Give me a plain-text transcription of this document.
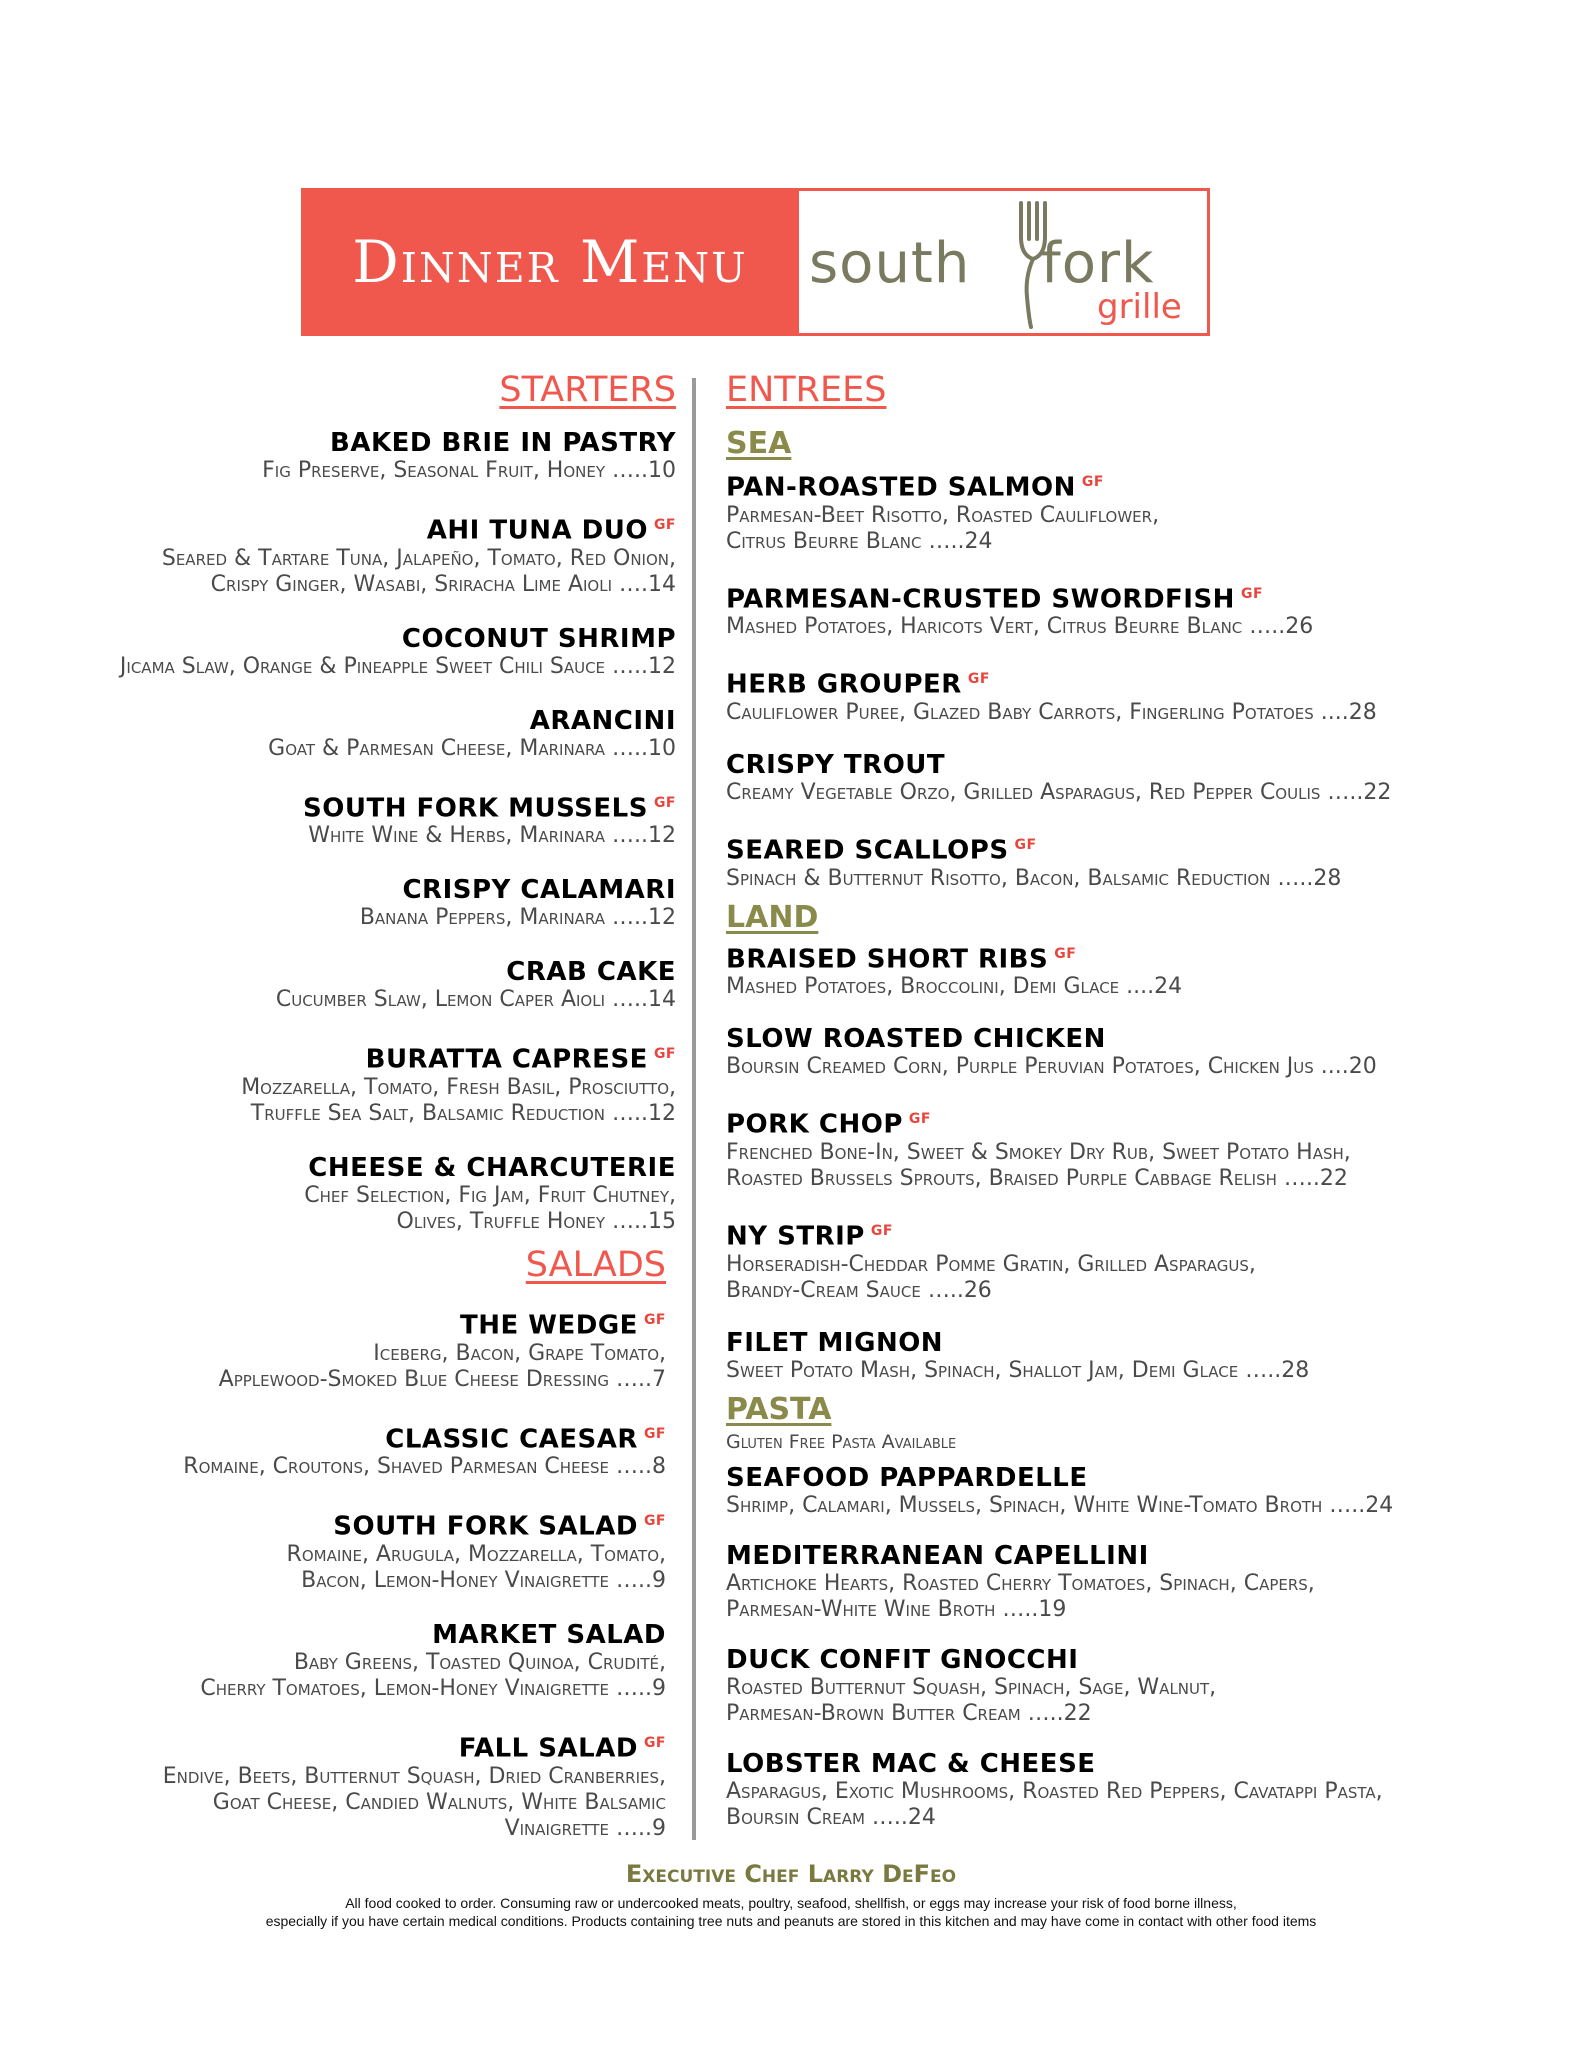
Dinner Menu south fork
grille
STARTERS
BAKED BRIE IN PASTRY
Fig Preserve, Seasonal Fruit, Honey …..10
AHI TUNA DUO $^{GF}$
Seared & Tartare Tuna, Jalapeño, Tomato, Red Onion,
Crispy Ginger, Wasabi, Sriracha Lime Aioli ….14
COCONUT SHRIMP
Jicama Slaw, Orange & Pineapple Sweet Chili Sauce …..12
ARANCINI
Goat & Parmesan Cheese, Marinara …..10
SOUTH FORK MUSSELS $^{GF}$
White Wine & Herbs, Marinara …..12
CRISPY CALAMARI
Banana Peppers, Marinara …..12
CRAB CAKE
Cucumber Slaw, Lemon Caper Aioli …..14
BURATTA CAPRESE $^{GF}$
Mozzarella, Tomato, Fresh Basil, Prosciutto,
Truffle Sea Salt, Balsamic Reduction …..12
CHEESE & CHARCUTERIE
Chef Selection, Fig Jam, Fruit Chutney,
Olives, Truffle Honey …..15
SALADS
THE WEDGE $^{GF}$
Iceberg, Bacon, Grape Tomato,
Applewood-Smoked Blue Cheese Dressing …..7
CLASSIC CAESAR $^{GF}$
Romaine, Croutons, Shaved Parmesan Cheese …..8
SOUTH FORK SALAD $^{GF}$
Romaine, Arugula, Mozzarella, Tomato,
Bacon, Lemon-Honey Vinaigrette …..9
MARKET SALAD
Baby Greens, Toasted Quinoa, Crudité,
Cherry Tomatoes, Lemon-Honey Vinaigrette …..9
FALL SALAD $^{GF}$
Endive, Beets, Butternut Squash, Dried Cranberries,
Goat Cheese, Candied Walnuts, White Balsamic
Vinaigrette …..9
ENTREES
SEA
PAN-ROASTED SALMON $^{GF}$
Parmesan-Beet Risotto, Roasted Cauliflower,
Citrus Beurre Blanc …..24
PARMESAN-CRUSTED SWORDFISH $^{GF}$
Mashed Potatoes, Haricots Vert, Citrus Beurre Blanc …..26
HERB GROUPER $^{GF}$
Cauliflower Puree, Glazed Baby Carrots, Fingerling Potatoes ....28
CRISPY TROUT
Creamy Vegetable Orzo, Grilled Asparagus, Red Pepper Coulis …..22
SEARED SCALLOPS $^{GF}$
Spinach & Butternut Risotto, Bacon, Balsamic Reduction …..28
LAND
BRAISED SHORT RIBS $^{GF}$
Mashed Potatoes, Broccolini, Demi Glace ....24
SLOW ROASTED CHICKEN
Boursin Creamed Corn, Purple Peruvian Potatoes, Chicken Jus ....20
PORK CHOP $^{GF}$
Frenched Bone-In, Sweet & Smokey Dry Rub, Sweet Potato Hash,
Roasted Brussels Sprouts, Braised Purple Cabbage Relish …..22
NY STRIP $^{GF}$
Horseradish-Cheddar Pomme Gratin, Grilled Asparagus,
Brandy-Cream Sauce …..26
FILET MIGNON
Sweet Potato Mash, Spinach, Shallot Jam, Demi Glace …..28
PASTA
Gluten Free Pasta Available
SEAFOOD PAPPARDELLE
Shrimp, Calamari, Mussels, Spinach, White Wine-Tomato Broth …..24
MEDITERRANEAN CAPELLINI
Artichoke Hearts, Roasted Cherry Tomatoes, Spinach, Capers,
Parmesan-White Wine Broth …..19
DUCK CONFIT GNOCCHI
Roasted Butternut Squash, Spinach, Sage, Walnut,
Parmesan-Brown Butter Cream …..22
LOBSTER MAC & CHEESE
Asparagus, Exotic Mushrooms, Roasted Red Peppers, Cavatappi Pasta,
Boursin Cream …..24
Executive Chef Larry DeFeo
All food cooked to order. Consuming raw or undercooked meats, poultry, seafood, shellfish, or eggs may increase your risk of food borne illness,
especially if you have certain medical conditions. Products containing tree nuts and peanuts are stored in this kitchen and may have come in contact with other food items
